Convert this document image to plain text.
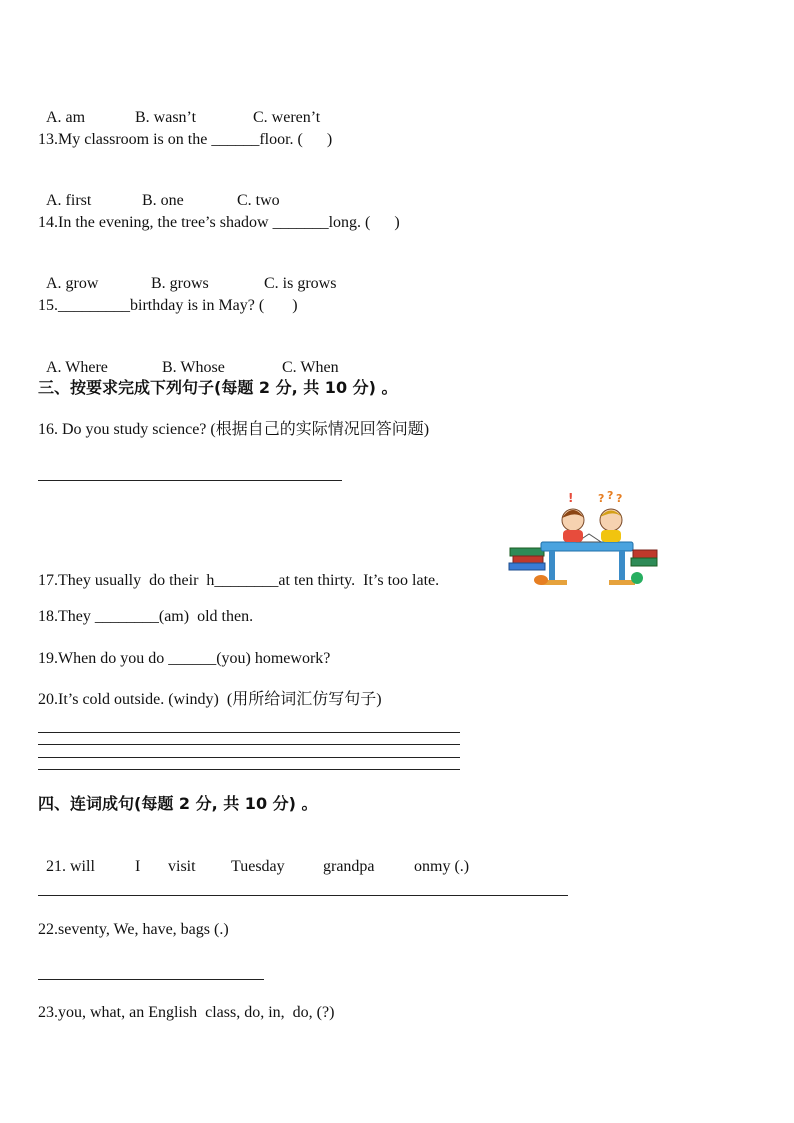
A. am	B. wasn’t	C. weren’t

13.My classroom is on the ______floor. (      )

A. first	B. one	C. two

14.In the evening, the tree’s shadow _______long. (      )

A. grow	B. grows	C. is grows

15._________birthday is in May? (       )

A. Where	B. Whose	C. When

三、按要求完成下列句子(每题 2 分, 共 10 分) 。
16. Do you study science? (根据自己的实际情况回答问题)
! ? ? ?
17.They usually  do their  h________at ten thirty.  It’s too late.
18.They ________(am)  old then.
19.When do you do ______(you) homework?
20.It’s cold outside. (windy)  (用所给词汇仿写句子)
四、连词成句(每题 2 分, 共 10 分) 。

21. will	I visit Tuesday grandpa onmy (.)

22.seventy, We, have, bags (.)
23.you, what, an English  class, do, in,  do, (?)
